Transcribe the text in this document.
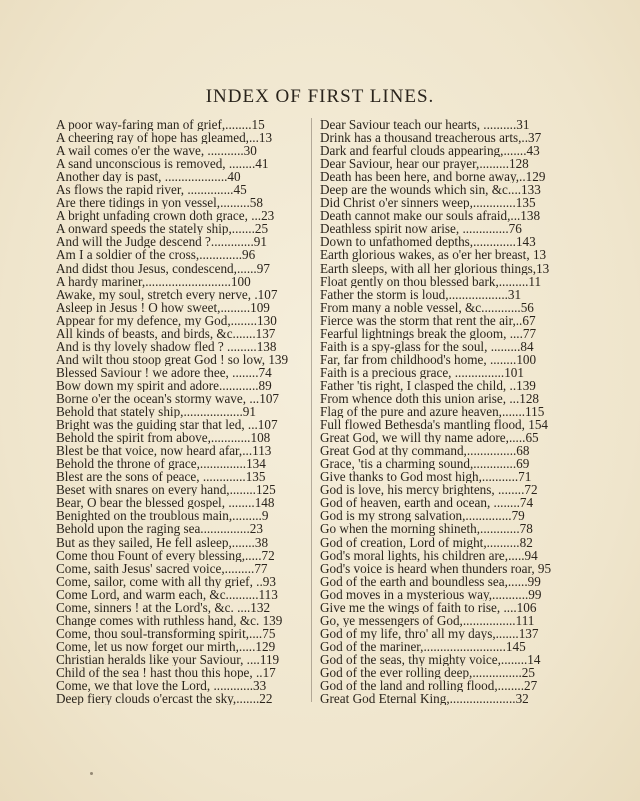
INDEX OF FIRST LINES.
A poor way-faring man of grief,........15
A cheering ray of hope has gleamed,...13
A wail comes o'er the wave, ...........30
A sand unconscious is removed, ........41
Another day is past, ...................40
As flows the rapid river, ..............45
Are there tidings in yon vessel,.........58
A bright unfading crown doth grace, ...23
A onward speeds the stately ship,.......25
And will the Judge descend ?.............91
Am I a soldier of the cross,.............96
And didst thou Jesus, condescend,......97
A hardy mariner,..........................100
Awake, my soul, stretch every nerve, .107
Asleep in Jesus ! O how sweet,.........109
Appear for my defence, my God,........130
All kinds of beasts, and birds, &c.......137
And is thy lovely shadow fled ? .........138
And wilt thou stoop great God ! so low, 139
Blessed Saviour ! we adore thee, ........74
Bow down my spirit and adore............89
Borne o'er the ocean's stormy wave, ...107
Behold that stately ship,..................91
Bright was the guiding star that led, ...107
Behold the spirit from above,............108
Blest be that voice, now heard afar,...113
Behold the throne of grace,..............134
Blest are the sons of peace, .............135
Beset with snares on every hand,........125
Bear, O bear the blessed gospel, ........148
Benighted on the troublous main,.........9
Behold upon the raging sea...............23
But as they sailed, He fell asleep,.......38
Come thou Fount of every blessing,.....72
Come, saith Jesus' sacred voice,.........77
Come, sailor, come with all thy grief, ..93
Come Lord, and warm each, &c..........113
Come, sinners ! at the Lord's, &c. ....132
Change comes with ruthless hand, &c. 139
Come, thou soul-transforming spirit,....75
Come, let us now forget our mirth,.....129
Christian heralds like your Saviour, ....119
Child of the sea ! hast thou this hope, ..17
Come, we that love the Lord, ............33
Deep fiery clouds o'ercast the sky,.......22
Dear Saviour teach our hearts, ..........31
Drink has a thousand treacherous arts,..37
Dark and fearful clouds appearing,.......43
Dear Saviour, hear our prayer,.........128
Death has been here, and borne away,..129
Deep are the wounds which sin, &c....133
Did Christ o'er sinners weep,.............135
Death cannot make our souls afraid,...138
Deathless spirit now arise, ..............76
Down to unfathomed depths,.............143
Earth glorious wakes, as o'er her breast, 13
Earth sleeps, with all her glorious things,13
Float gently on thou blessed bark,.........11
Father the storm is loud,..................31
From many a noble vessel, &c............56
Fierce was the storm that rent the air,..67
Fearful lightnings break the gloom, ....77
Faith is a spy-glass for the soul, .........84
Far, far from childhood's home, ........100
Faith is a precious grace, ...............101
Father 'tis right, I clasped the child, ..139
From whence doth this union arise, ...128
Flag of the pure and azure heaven,.......115
Full flowed Bethesda's mantling flood, 154
Great God, we will thy name adore,.....65
Great God at thy command,...............68
Grace, 'tis a charming sound,.............69
Give thanks to God most high,...........71
God is love, his mercy brightens, ........72
God of heaven, earth and ocean, ........74
God is my strong salvation,..............79
Go when the morning shineth,............78
God of creation, Lord of might,..........82
God's moral lights, his children are,.....94
God's voice is heard when thunders roar, 95
God of the earth and boundless sea,......99
God moves in a mysterious way,...........99
Give me the wings of faith to rise, ....106
Go, ye messengers of God,................111
God of my life, thro' all my days,.......137
God of the mariner,.........................145
God of the seas, thy mighty voice,........14
God of the ever rolling deep,...............25
God of the land and rolling flood,........27
Great God Eternal King,....................32
